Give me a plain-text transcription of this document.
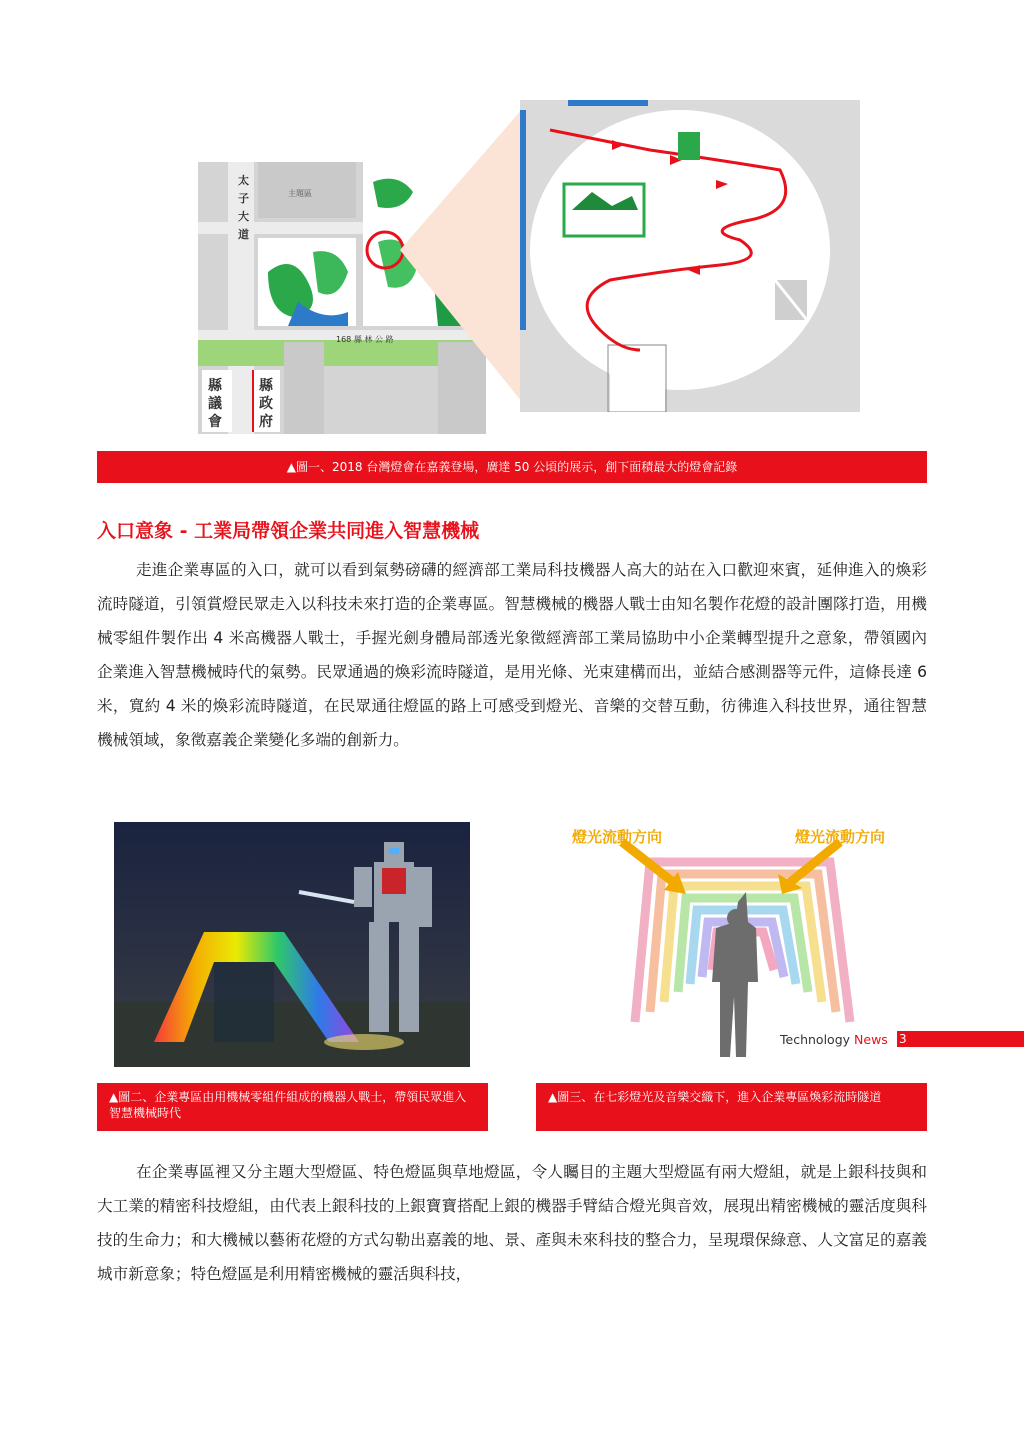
太
子
大
道
主題區
168 縣 林 公 路
縣
議
會
縣
政
府
▲圖一、2018 台灣燈會在嘉義登場，廣達 50 公頃的展示，創下面積最大的燈會記錄
入口意象 - 工業局帶領企業共同進入智慧機械
走進企業專區的入口，就可以看到氣勢磅礴的經濟部工業局科技機器人高大的站在入口歡迎來賓，延伸進入的煥彩流時隧道，引領賞燈民眾走入以科技未來打造的企業專區。智慧機械的機器人戰士由知名製作花燈的設計團隊打造，用機械零組件製作出 4 米高機器人戰士，手握光劍身體局部透光象徵經濟部工業局協助中小企業轉型提升之意象，帶領國內企業進入智慧機械時代的氣勢。民眾通過的煥彩流時隧道，是用光條、光束建構而出，並結合感測器等元件，這條長達 6 米，寬約 4 米的煥彩流時隧道，在民眾通往燈區的路上可感受到燈光、音樂的交替互動，彷彿進入科技世界，通往智慧機械領域，象徵嘉義企業變化多端的創新力。
▲圖二、企業專區由用機械零組件組成的機器人戰士，帶領民眾進入智慧機械時代
燈光流動方向	燈光流動方向
▲圖三、在七彩燈光及音樂交織下，進入企業專區煥彩流時隧道
在企業專區裡又分主題大型燈區、特色燈區與草地燈區，令人矚目的主題大型燈區有兩大燈組，就是上銀科技與和大工業的精密科技燈組，由代表上銀科技的上銀寶寶搭配上銀的機器手臂結合燈光與音效，展現出精密機械的靈活度與科技的生命力；和大機械以藝術花燈的方式勾勒出嘉義的地、景、產與未來科技的整合力，呈現環保綠意、人文富足的嘉義城市新意象；特色燈區是利用精密機械的靈活與科技，
Technology News 3
